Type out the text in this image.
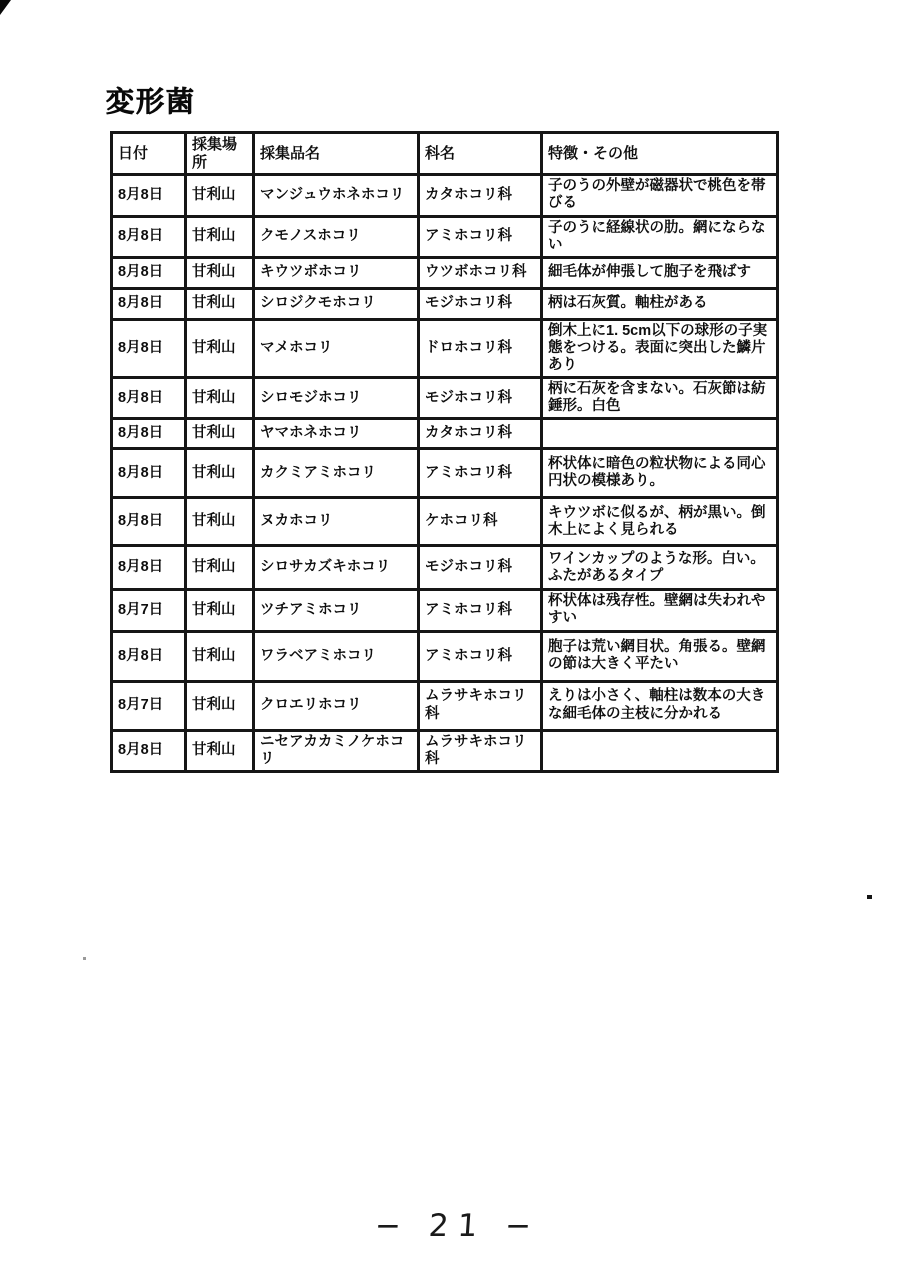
変形菌
日付	採集場所	採集品名	科名	特徴・その他
8月8日	甘利山	マンジュウホネホコリ	カタホコリ科	子のうの外壁が磁器状で桃色を帯びる
8月8日	甘利山	クモノスホコリ	アミホコリ科	子のうに経線状の肋。網にならない
8月8日	甘利山	キウツボホコリ	ウツボホコリ科	細毛体が伸張して胞子を飛ばす
8月8日	甘利山	シロジクモホコリ	モジホコリ科	柄は石灰質。軸柱がある
8月8日	甘利山	マメホコリ	ドロホコリ科	倒木上に1. 5cm以下の球形の子実態をつける。表面に突出した鱗片あり
8月8日	甘利山	シロモジホコリ	モジホコリ科	柄に石灰を含まない。石灰節は紡錘形。白色
8月8日	甘利山	ヤマホネホコリ	カタホコリ科	
8月8日	甘利山	カクミアミホコリ	アミホコリ科	杯状体に暗色の粒状物による同心円状の模様あり。
8月8日	甘利山	ヌカホコリ	ケホコリ科	キウツボに似るが、柄が黒い。倒木上によく見られる
8月8日	甘利山	シロサカズキホコリ	モジホコリ科	ワインカップのような形。白い。ふたがあるタイプ
8月7日	甘利山	ツチアミホコリ	アミホコリ科	杯状体は残存性。壁網は失われやすい
8月8日	甘利山	ワラベアミホコリ	アミホコリ科	胞子は荒い網目状。角張る。壁網の節は大きく平たい
8月7日	甘利山	クロエリホコリ	ムラサキホコリ科	えりは小さく、軸柱は数本の大きな細毛体の主枝に分かれる
8月8日	甘利山	ニセアカカミノケホコリ	ムラサキホコリ科	
− 21 −
